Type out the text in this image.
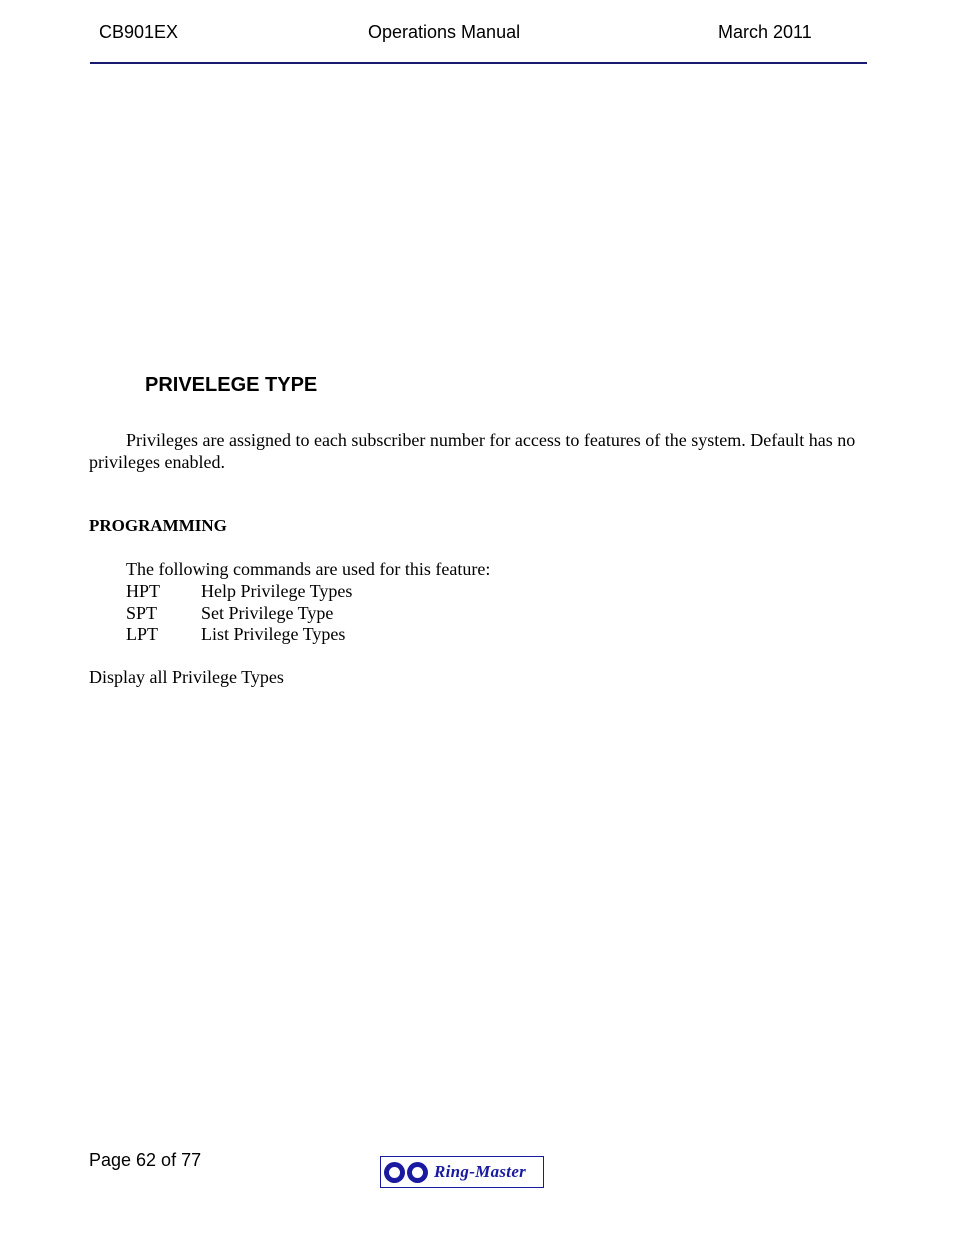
CB901EX	Operations Manual	March 2011
PRIVELEGE TYPE
Privileges are assigned to each subscriber number for access to features of the system. Default has no privileges enabled.
PROGRAMMING
The following commands are used for this feature:
HPT Help Privilege Types
SPT Set Privilege Type
LPT List Privilege Types
Display all Privilege Types
Page 62 of 77
Ring-Master
